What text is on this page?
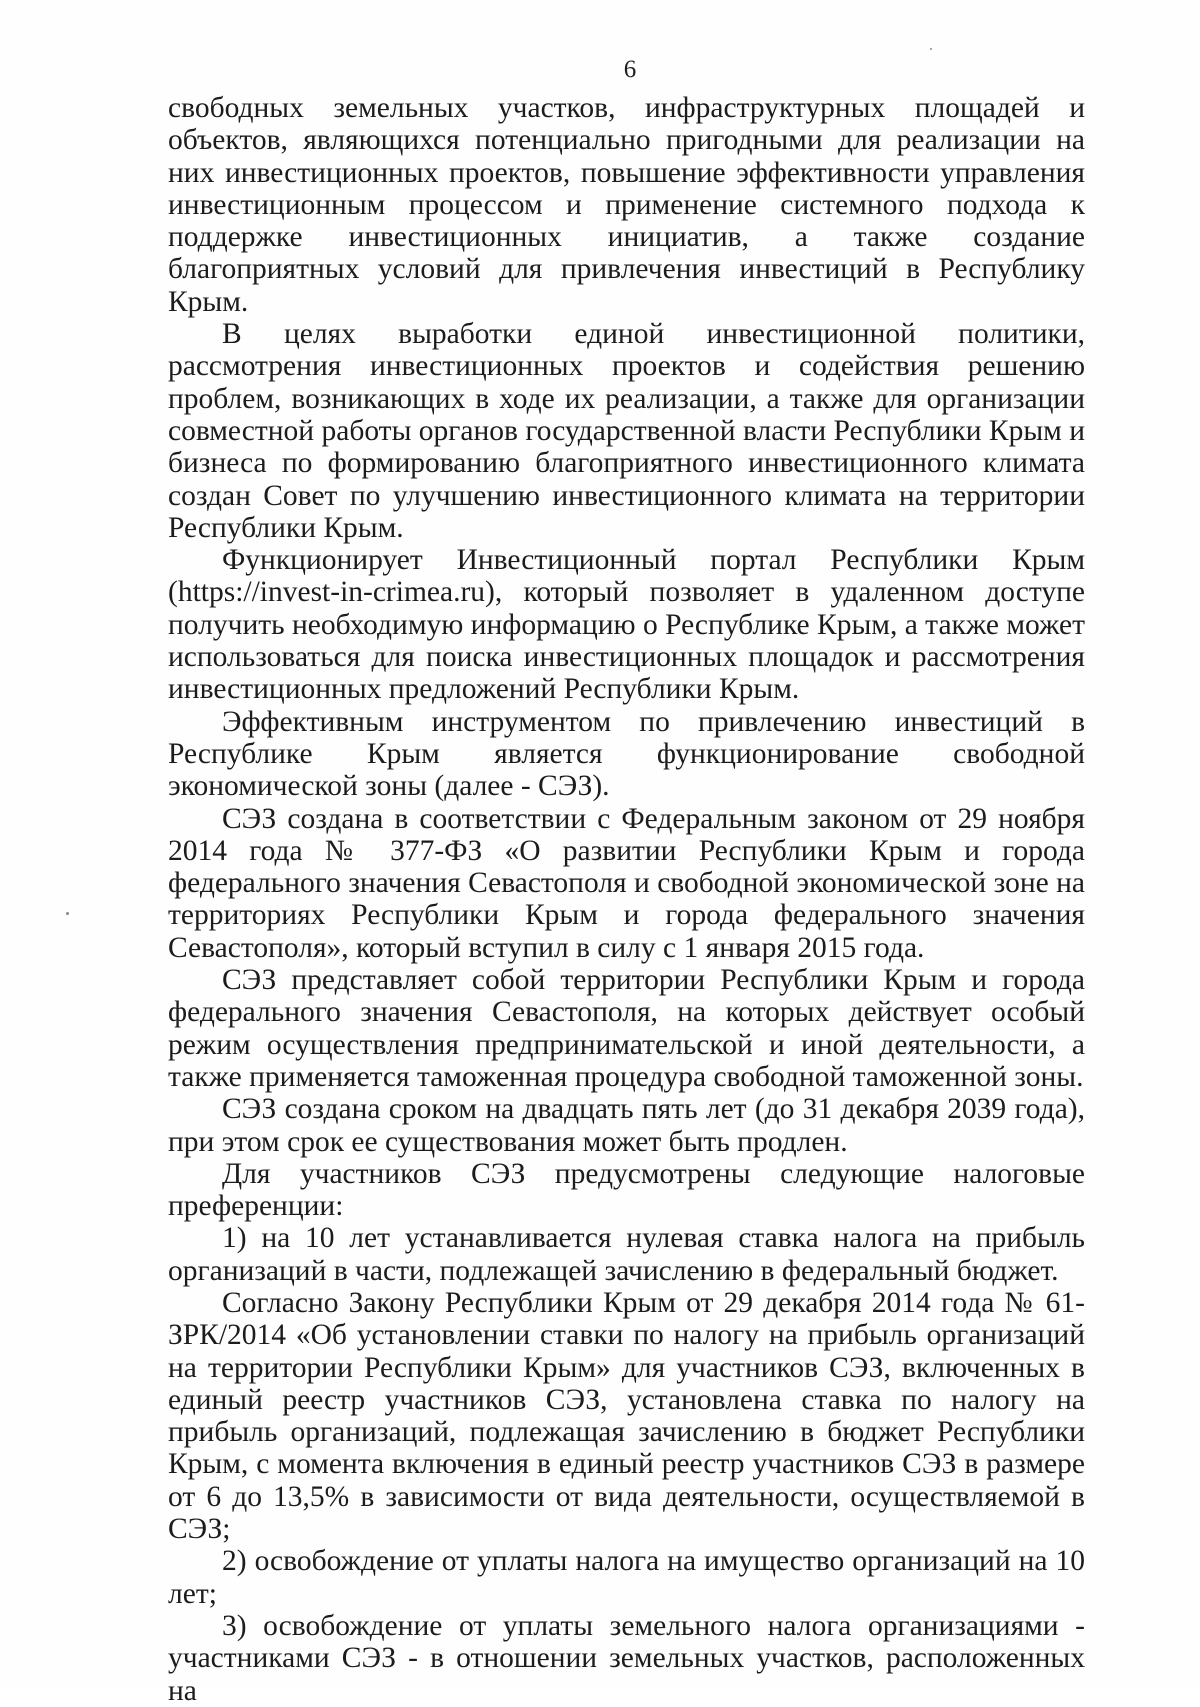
6

свободных земельных участков, инфраструктурных площадей и объектов, являющихся потенциально пригодными для реализации на них инвестиционных проектов, повышение эффективности управления инвестиционным процессом и применение системного подхода к поддержке инвестиционных инициатив, а также создание благоприятных условий для привлечения инвестиций в Республику Крым.

В целях выработки единой инвестиционной политики, рассмотрения инвестиционных проектов и содействия решению проблем, возникающих в ходе их реализации, а также для организации совместной работы органов государственной власти Республики Крым и бизнеса по формированию благоприятного инвестиционного климата создан Совет по улучшению инвестиционного климата на территории Республики Крым.

Функционирует Инвестиционный портал Республики Крым (https://invest-in-crimea.ru), который позволяет в удаленном доступе получить необходимую информацию о Республике Крым, а также может использоваться для поиска инвестиционных площадок и рассмотрения инвестиционных предложений Республики Крым.

Эффективным инструментом по привлечению инвестиций в Республике Крым является функционирование свободной экономической зоны (далее - СЭЗ).

СЭЗ создана в соответствии с Федеральным законом от 29 ноября 2014 года № 377-ФЗ «О развитии Республики Крым и города федерального значения Севастополя и свободной экономической зоне на территориях Республики Крым и города федерального значения Севастополя», который вступил в силу с 1 января 2015 года.

СЭЗ представляет собой территории Республики Крым и города федерального значения Севастополя, на которых действует особый режим осуществления предпринимательской и иной деятельности, а также применяется таможенная процедура свободной таможенной зоны.

СЭЗ создана сроком на двадцать пять лет (до 31 декабря 2039 года), при этом срок ее существования может быть продлен.

Для участников СЭЗ предусмотрены следующие налоговые преференции:

1) на 10 лет устанавливается нулевая ставка налога на прибыль организаций в части, подлежащей зачислению в федеральный бюджет.

Согласно Закону Республики Крым от 29 декабря 2014 года № 61-ЗРК/2014 «Об установлении ставки по налогу на прибыль организаций на территории Республики Крым» для участников СЭЗ, включенных в единый реестр участников СЭЗ, установлена ставка по налогу на прибыль организаций, подлежащая зачислению в бюджет Республики Крым, с момента включения в единый реестр участников СЭЗ в размере от 6 до 13,5% в зависимости от вида деятельности, осуществляемой в СЭЗ;

2) освобождение от уплаты налога на имущество организаций на 10 лет;

3) освобождение от уплаты земельного налога организациями - участниками СЭЗ - в отношении земельных участков, расположенных на
